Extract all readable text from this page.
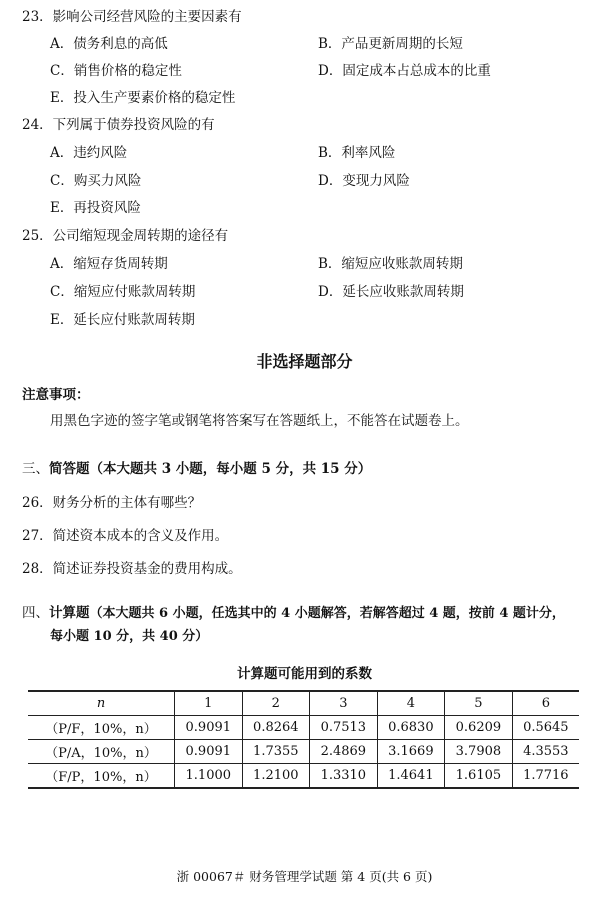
23．影响公司经营风险的主要因素有
A．债务利息的高低	B．产品更新周期的长短
C．销售价格的稳定性	D．固定成本占总成本的比重
E．投入生产要素价格的稳定性
24．下列属于债券投资风险的有
A．违约风险	B．利率风险
C．购买力风险	D．变现力风险
E．再投资风险
25．公司缩短现金周转期的途径有
A．缩短存货周转期	B．缩短应收账款周转期
C．缩短应付账款周转期	D．延长应收账款周转期
E．延长应付账款周转期
非选择题部分
注意事项：
用黑色字迹的签字笔或钢笔将答案写在答题纸上，不能答在试题卷上。
三、简答题（本大题共 3 小题，每小题 5 分，共 15 分）
26．财务分析的主体有哪些？
27．简述资本成本的含义及作用。
28．简述证券投资基金的费用构成。
四、计算题（本大题共 6 小题，任选其中的 4 小题解答，若解答超过 4 题，按前 4 题计分，
每小题 10 分，共 40 分）
计算题可能用到的系数
n	1	2	3	4	5	6
（P/F，10%，n）	0.9091	0.8264	0.7513	0.6830	0.6209	0.5645
（P/A，10%，n）	0.9091	1.7355	2.4869	3.1669	3.7908	4.3553
（F/P，10%，n）	1.1000	1.2100	1.3310	1.4641	1.6105	1.7716
浙 00067＃ 财务管理学试题 第 4 页(共 6 页)
